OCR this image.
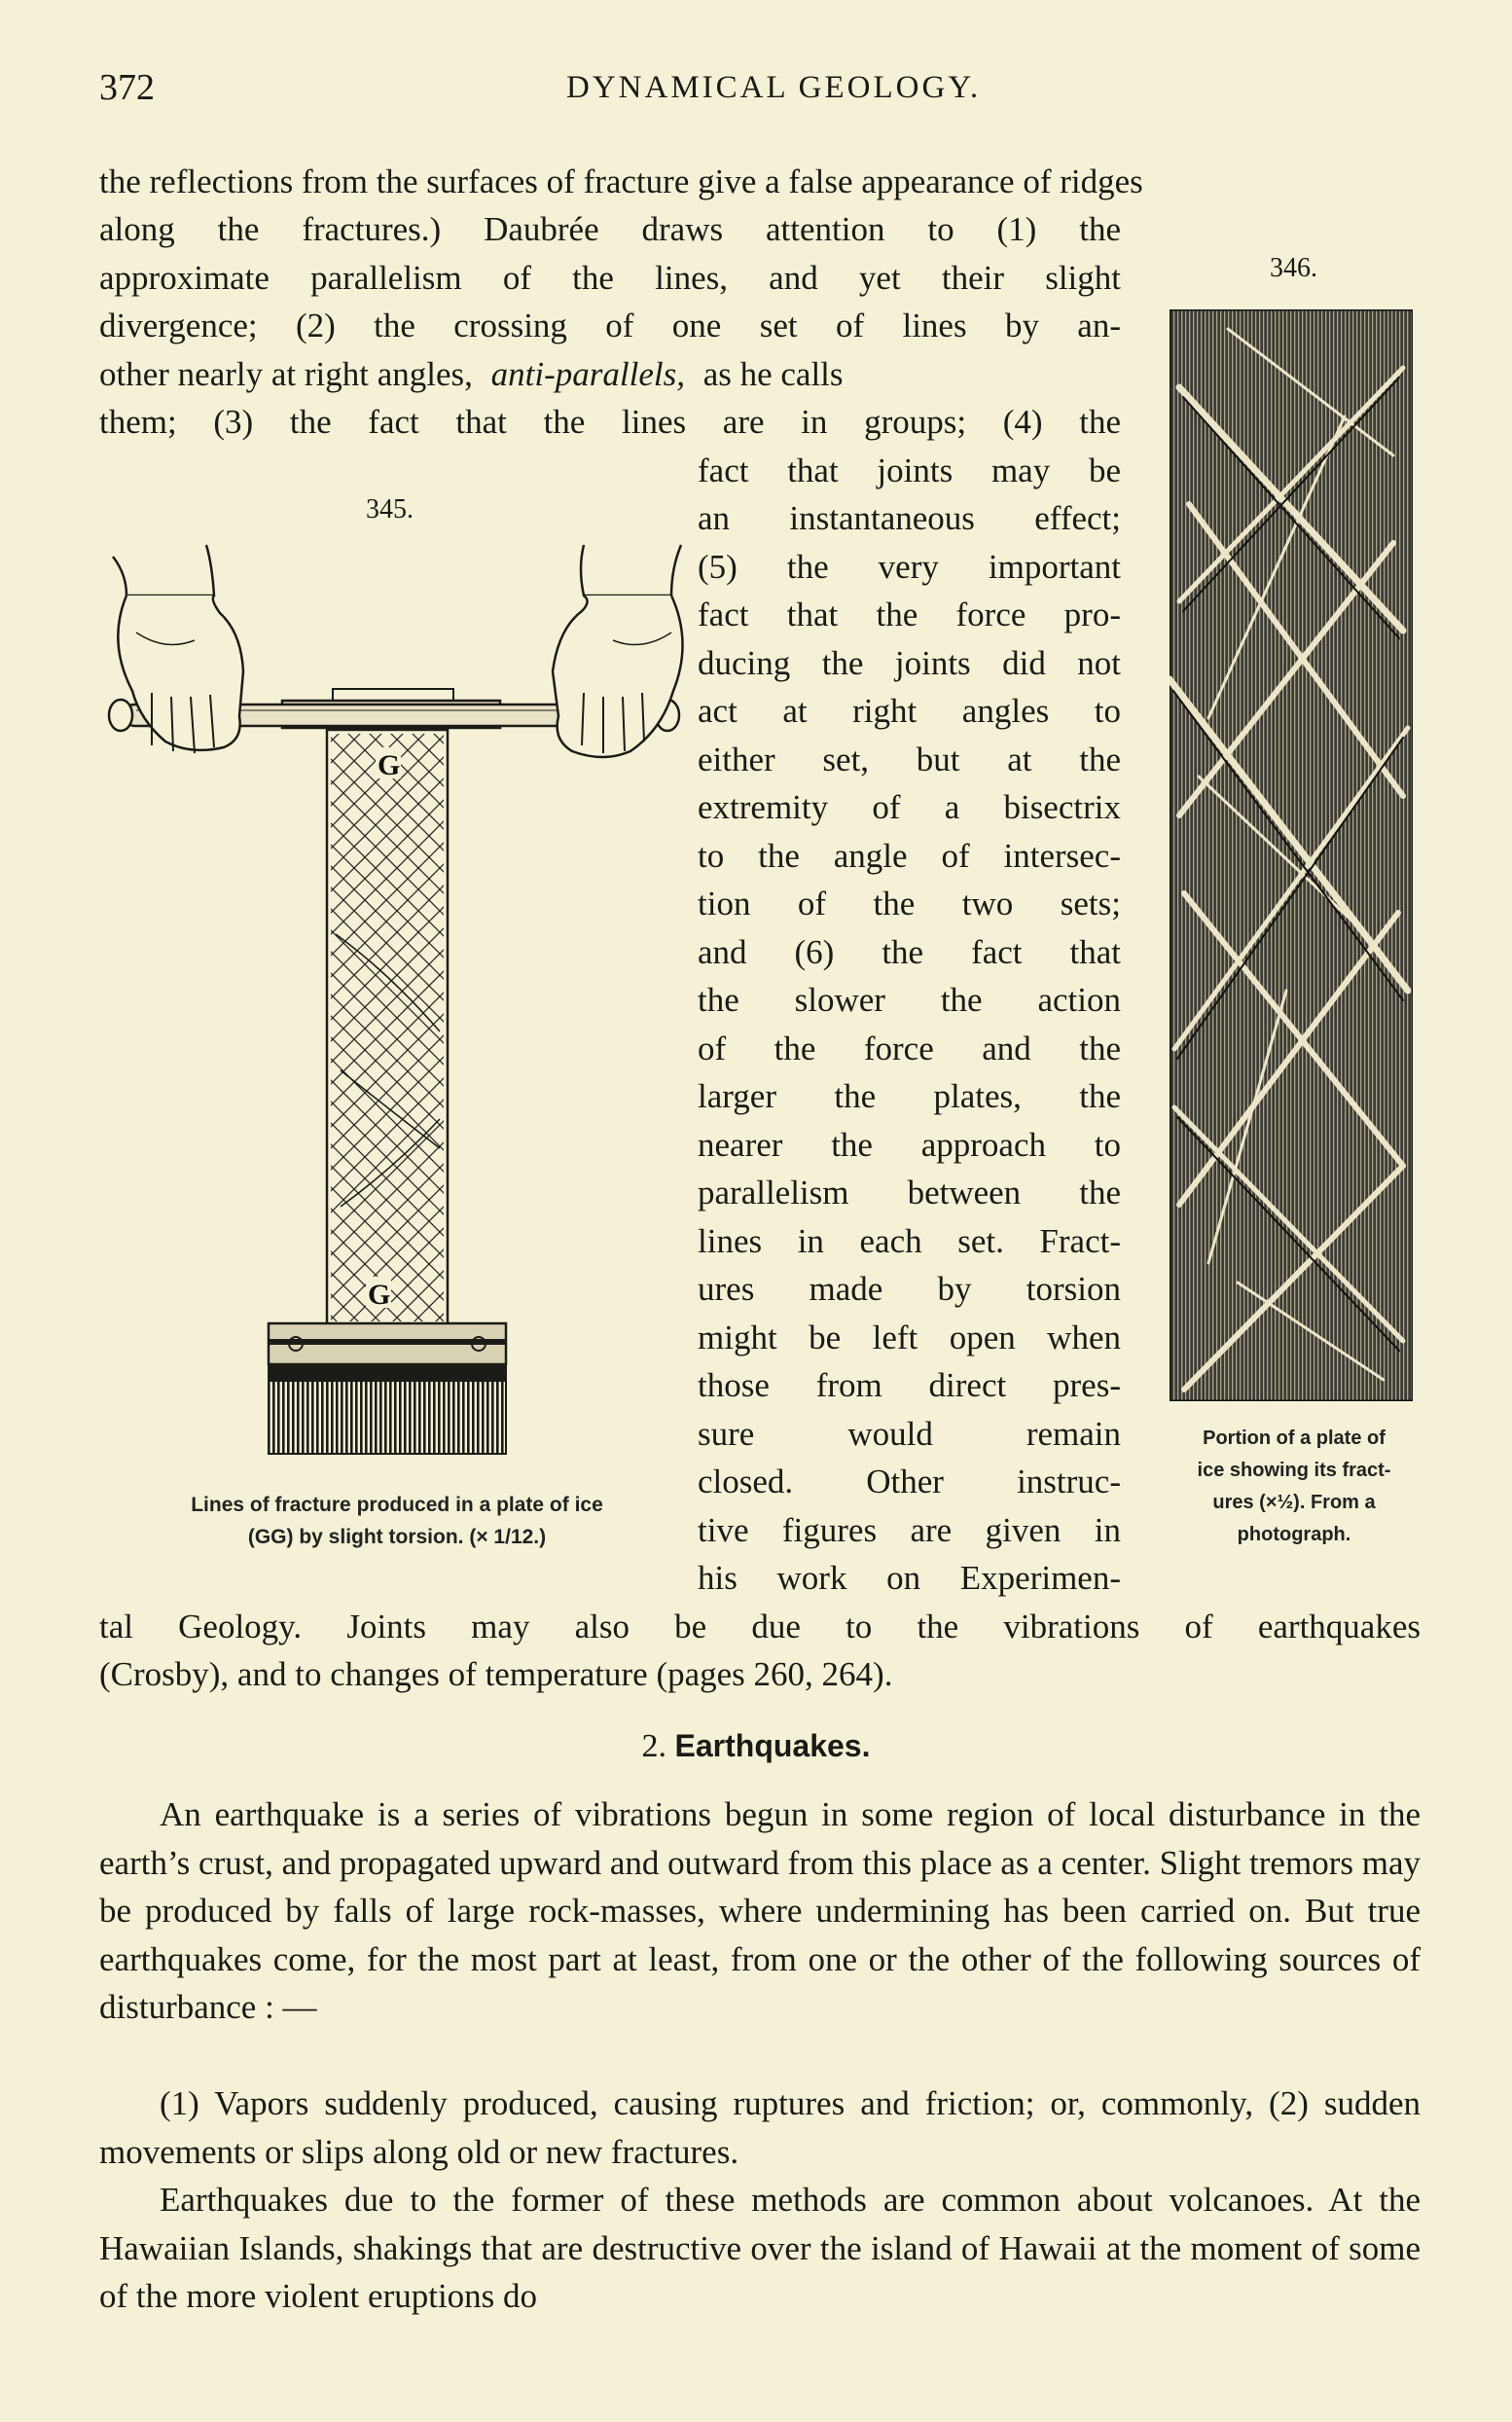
372	DYNAMICAL GEOLOGY.
the reflections from the surfaces of fracture give a false appearance of ridges
along the fractures.) Daubrée draws attention to (1) the
approximate parallelism of the lines, and yet their slight
divergence; (2) the crossing of one set of lines by an-
other nearly at right angles, anti-parallels, as he calls
them; (3) the fact that the lines are in groups; (4) the
fact that joints may be
an instantaneous effect;
(5) the very important
fact that the force pro-
ducing the joints did not
act at right angles to
either set, but at the
extremity of a bisectrix
to the angle of intersec-
tion of the two sets;
and (6) the fact that
the slower the action
of the force and the
larger the plates, the
nearer the approach to
parallelism between the
lines in each set. Fract-
ures made by torsion
might be left open when
those from direct pres-
sure would remain
closed. Other instruc-
tive figures are given in
his work on Experimen-
tal Geology. Joints may also be due to the vibrations of earthquakes
(Crosby), and to changes of temperature (pages 260, 264).
345.
G
G
Lines of fracture produced in a plate of ice
(GG) by slight torsion. (× 1/12.)
346.
Portion of a plate of
ice showing its fract-
ures (×½). From a
photograph.
2. Earthquakes.

An earthquake is a series of vibrations begun in some region of local disturbance in the earth’s crust, and propagated upward and outward from this place as a center. Slight tremors may be produced by falls of large rock-masses, where undermining has been carried on. But true earthquakes come, for the most part at least, from one or the other of the following sources of disturbance : —

(1) Vapors suddenly produced, causing ruptures and friction; or, commonly, (2) sudden movements or slips along old or new fractures.

Earthquakes due to the former of these methods are common about volcanoes. At the Hawaiian Islands, shakings that are destructive over the island of Hawaii at the moment of some of the more violent eruptions do
